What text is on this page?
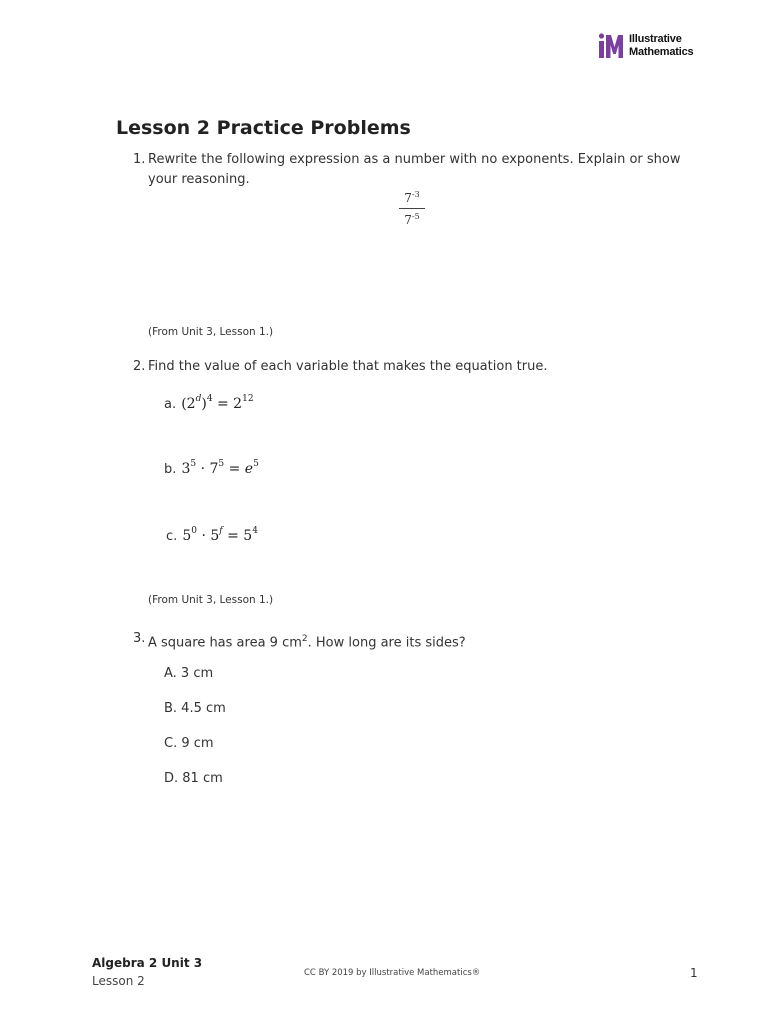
Illustrative
Mathematics
Lesson 2 Practice Problems
1. Rewrite the following expression as a number with no exponents. Explain or show
your reasoning.
$7^{-3}$
$7^{-5}$
(From Unit 3, Lesson 1.)
2. Find the value of each variable that makes the equation true.
a. $(2^d)^4 = 2^{12}$
b. $3^5 \cdot 7^5 = e^5$
c. $5^0 \cdot 5^f = 5^4$
(From Unit 3, Lesson 1.)
3. A square has area 9 $cm^2$. How long are its sides?
A. 3 cm
B. 4.5 cm
C. 9 cm
D. 81 cm
Algebra 2 Unit 3
Lesson 2
CC BY 2019 by Illustrative Mathematics®	1
